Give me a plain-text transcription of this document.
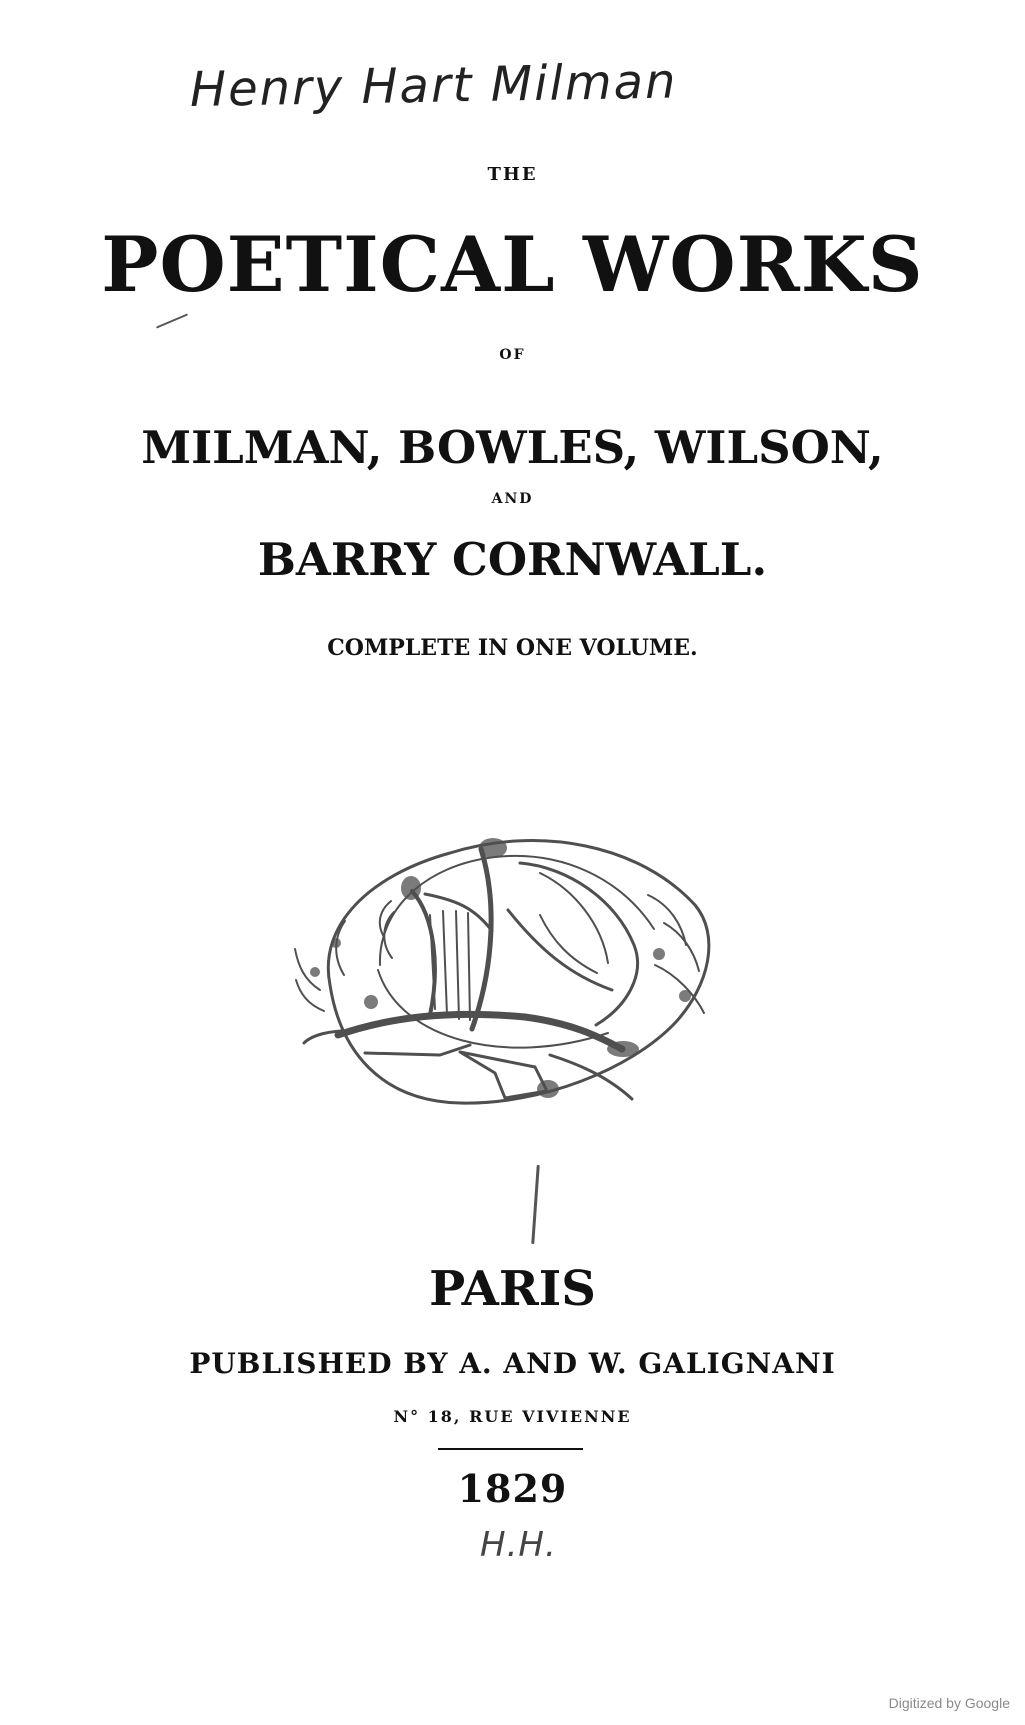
Henry Hart Milman
THE
POETICAL WORKS
OF
MILMAN, BOWLES, WILSON,
AND
BARRY CORNWALL.
COMPLETE IN ONE VOLUME.
PARIS
PUBLISHED BY A. AND W. GALIGNANI
N° 18, RUE VIVIENNE
1829
H.H.
Digitized by Google
